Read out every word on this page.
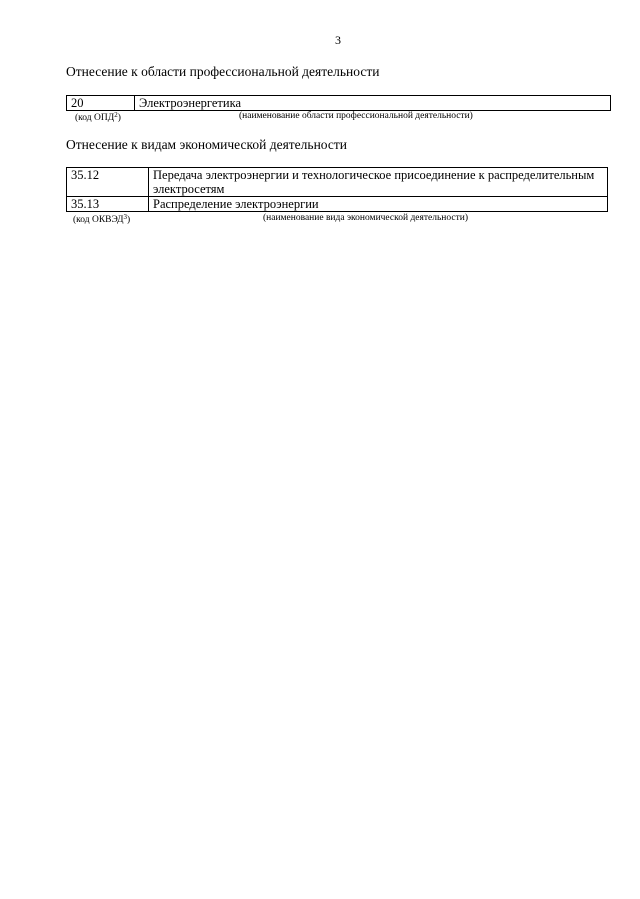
3
Отнесение к области профессиональной деятельности
20	Электроэнергетика
(код ОПД$^2$)	(наименование области профессиональной деятельности)
Отнесение к видам экономической деятельности
35.12	Передача электроэнергии и технологическое присоединение к распределительным электросетям
35.13	Распределение электроэнергии
(код ОКВЭД$^3$)	(наименование вида экономической деятельности)
